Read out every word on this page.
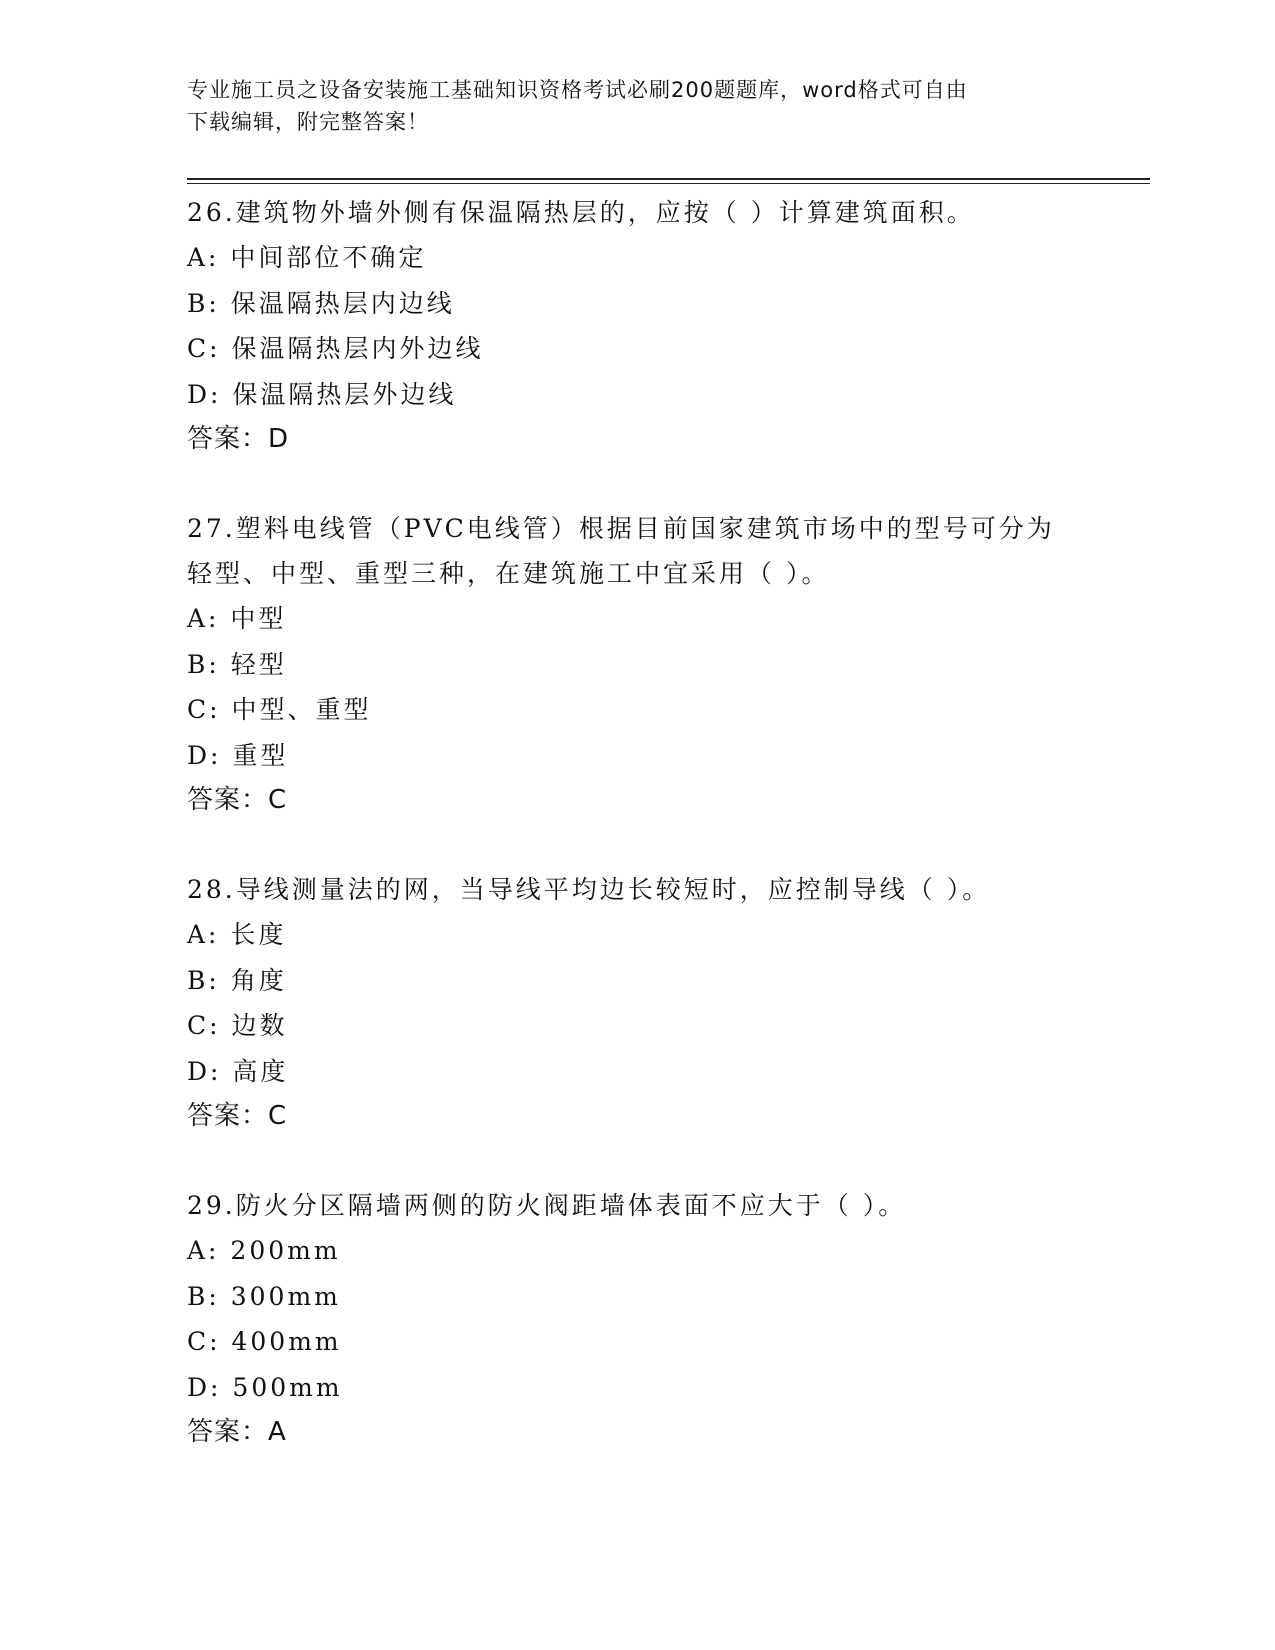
专业施工员之设备安装施工基础知识资格考试必刷200题题库，word格式可自由
下载编辑，附完整答案！
26.建筑物外墙外侧有保温隔热层的，应按（ ）计算建筑面积。
A: 中间部位不确定
B: 保温隔热层内边线
C: 保温隔热层内外边线
D: 保温隔热层外边线
答案：D
27.塑料电线管（PVC电线管）根据目前国家建筑市场中的型号可分为
轻型、中型、重型三种，在建筑施工中宜采用（ ）。
A: 中型
B: 轻型
C: 中型、重型
D: 重型
答案：C
28.导线测量法的网，当导线平均边长较短时，应控制导线（ ）。
A: 长度
B: 角度
C: 边数
D: 高度
答案：C
29.防火分区隔墙两侧的防火阀距墙体表面不应大于（ ）。
A: 200mm
B: 300mm
C: 400mm
D: 500mm
答案：A
